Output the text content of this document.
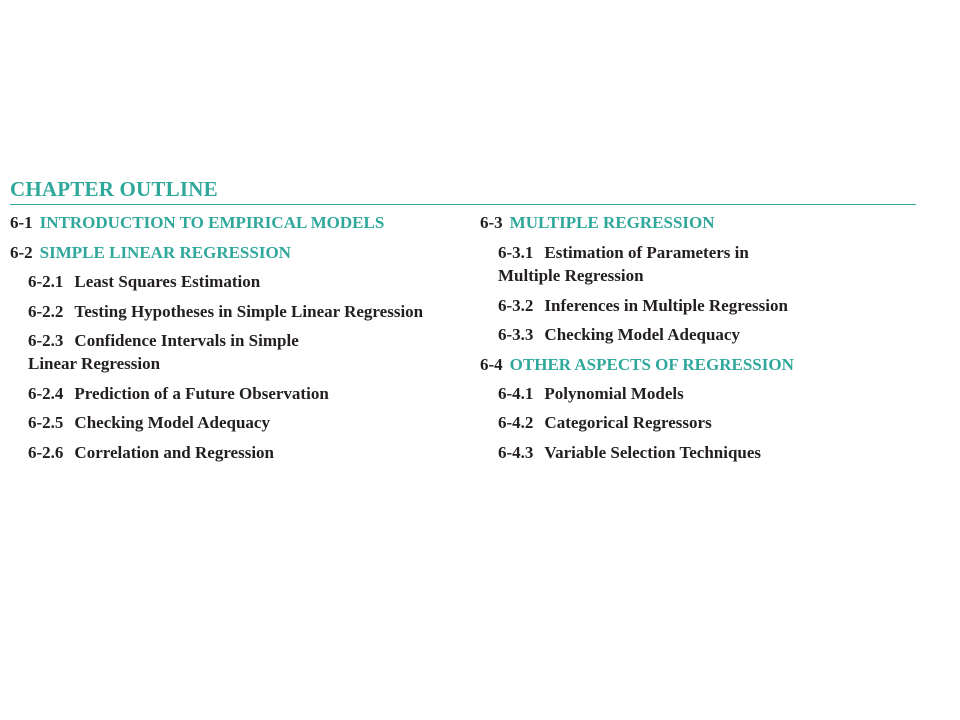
CHAPTER OUTLINE
6-1 INTRODUCTION TO EMPIRICAL MODELS
6-2 SIMPLE LINEAR REGRESSION
6-2.1 Least Squares Estimation
6-2.2 Testing Hypotheses in Simple Linear Regression
6-2.3 Confidence Intervals in Simple
Linear Regression
6-2.4 Prediction of a Future Observation
6-2.5 Checking Model Adequacy
6-2.6 Correlation and Regression
6-3 MULTIPLE REGRESSION
6-3.1 Estimation of Parameters in
Multiple Regression
6-3.2 Inferences in Multiple Regression
6-3.3 Checking Model Adequacy
6-4 OTHER ASPECTS OF REGRESSION
6-4.1 Polynomial Models
6-4.2 Categorical Regressors
6-4.3 Variable Selection Techniques
